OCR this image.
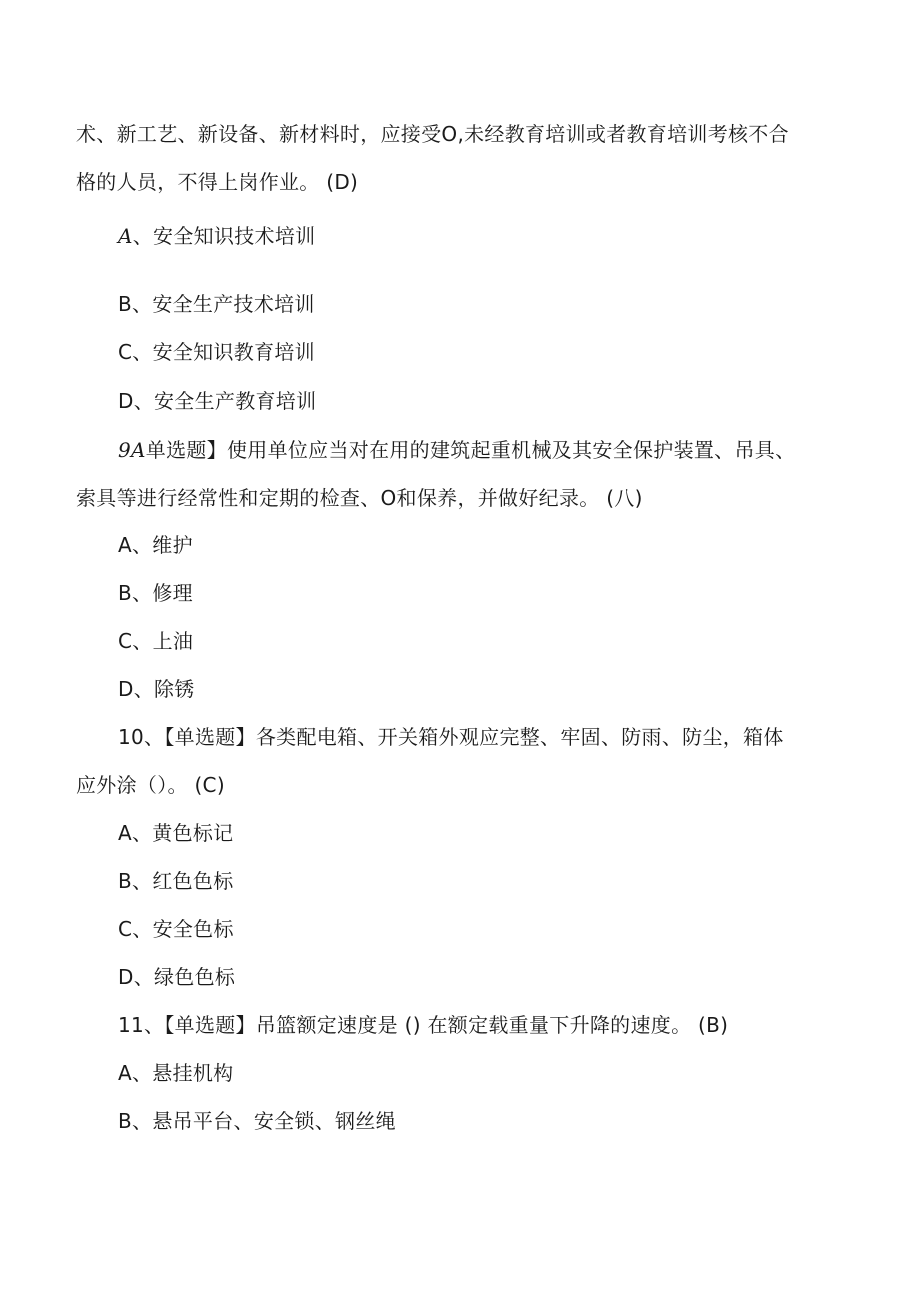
术、新工艺、新设备、新材料时，应接受O,未经教育培训或者教育培训考核不合
格的人员，不得上岗作业。 (D)
A、安全知识技术培训
B、安全生产技术培训
C、安全知识教育培训
D、安全生产教育培训
9A单选题】使用单位应当对在用的建筑起重机械及其安全保护装置、吊具、
索具等进行经常性和定期的检查、O和保养，并做好纪录。 (八)
A、维护
B、修理
C、上油
D、除锈
10、【单选题】各类配电箱、开关箱外观应完整、牢固、防雨、防尘，箱体
应外涂（）。 (C)
A、黄色标记
B、红色色标
C、安全色标
D、绿色色标
11、【单选题】吊篮额定速度是 () 在额定载重量下升降的速度。 (B)
A、悬挂机构
B、悬吊平台、安全锁、钢丝绳
